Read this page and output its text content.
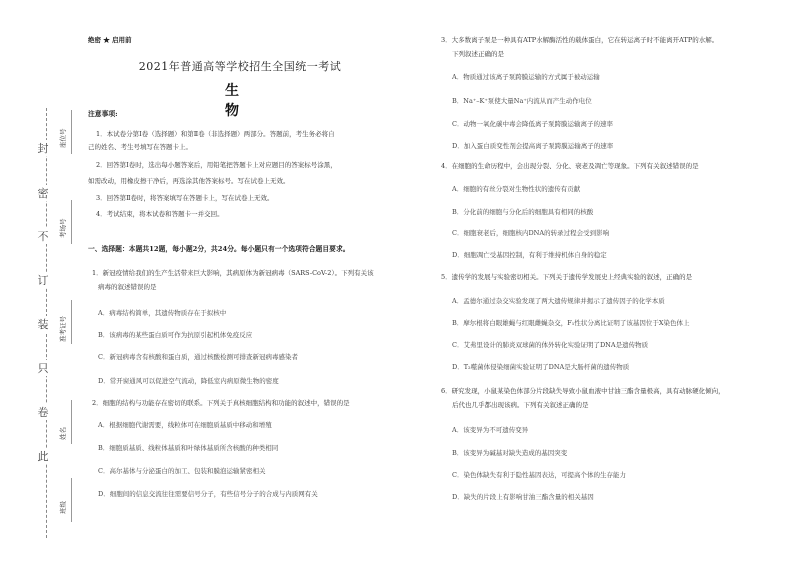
封
密
不
订
装
只
卷
此
座位号
考场号
准考证号
姓名
班级
绝密 ★ 启用前
2021年普通高等学校招生全国统一考试
生 物
注意事项:
1．本试卷分第Ⅰ卷（选择题）和第Ⅱ卷（非选择题）两部分。答题前，考生务必将自
己的姓名、考生号填写在答题卡上。
2．回答第Ⅰ卷时，选出每小题答案后，用铅笔把答题卡上对应题目的答案标号涂黑，
如需改动，用橡皮擦干净后，再选涂其他答案标号。写在试卷上无效。
3．回答第Ⅱ卷时，将答案填写在答题卡上，写在试卷上无效。
4．考试结束，将本试卷和答题卡一并交回。
一、选择题：本题共12题，每小题2分，共24分。每小题只有一个选项符合题目要求。
1．新冠疫情给我们的生产生活带来巨大影响，其病原体为新冠病毒（SARS-CoV-2）。下列有关该
病毒的叙述错误的是
A．病毒结构简单，其遗传物质存在于拟核中
B．该病毒的某些蛋白质可作为抗原引起机体免疫反应
C．新冠病毒含有核酸和蛋白质，通过核酸检测可排查新冠病毒感染者
D．常开窗通风可以促进空气流动，降低室内病原微生物的密度
2．细胞的结构与功能存在密切的联系。下列关于真核细胞结构和功能的叙述中，错误的是
A．根据细胞代谢需要，线粒体可在细胞质基质中移动和增殖
B．细胞质基质、线粒体基质和叶绿体基质所含核酸的种类相同
C．高尔基体与分泌蛋白的加工、包装和膜泡运输紧密相关
D．细胞间的信息交流往往需要信号分子，有些信号分子的合成与内质网有关
3．大多数离子泵是一种具有ATP水解酶活性的载体蛋白，它在转运离子时不能离开ATP的水解。
下列叙述正确的是
A．物质通过该离子泵跨膜运输的方式属于被动运输
B．Na⁺–K⁺泵使大量Na⁺内流从而产生动作电位
C．动物一氧化碳中毒会降低离子泵跨膜运输离子的速率
D．加入蛋白质变性剂会提高离子泵跨膜运输离子的速率
4．在细胞的生命历程中，会出现分裂、分化、衰老及凋亡等现象。下列有关叙述错误的是
A．细胞的有丝分裂对生物性状的遗传有贡献
B．分化前的细胞与分化后的细胞具有相同的核酸
C．细胞衰老后，细胞核内DNA的转录过程会受到影响
D．细胞凋亡受基因控制，有利于维持机体自身的稳定
5．遗传学的发展与实验密切相关。下列关于遗传学发展史上经典实验的叙述，正确的是
A．孟德尔通过杂交实验发现了两大遗传规律并揭示了遗传因子的化学本质
B．摩尔根将白眼雄蝇与红眼雌蝇杂交，F₁性状分离比证明了该基因位于X染色体上
C．艾弗里设计的肺炎双球菌的体外转化实验证明了DNA是遗传物质
D．T₂噬菌体侵染细菌实验证明了DNA是大肠杆菌的遗传物质
6．研究发现，小鼠某染色体部分片段缺失导致小鼠血液中甘油三酯含量极高，具有动脉硬化倾向，
后代也几乎都出现该病。下列有关叙述正确的是
A．该变异为不可遗传变异
B．该变异为碱基对缺失造成的基因突变
C．染色体缺失有利于隐性基因表达，可提高个体的生存能力
D．缺失的片段上有影响甘油三酯含量的相关基因
